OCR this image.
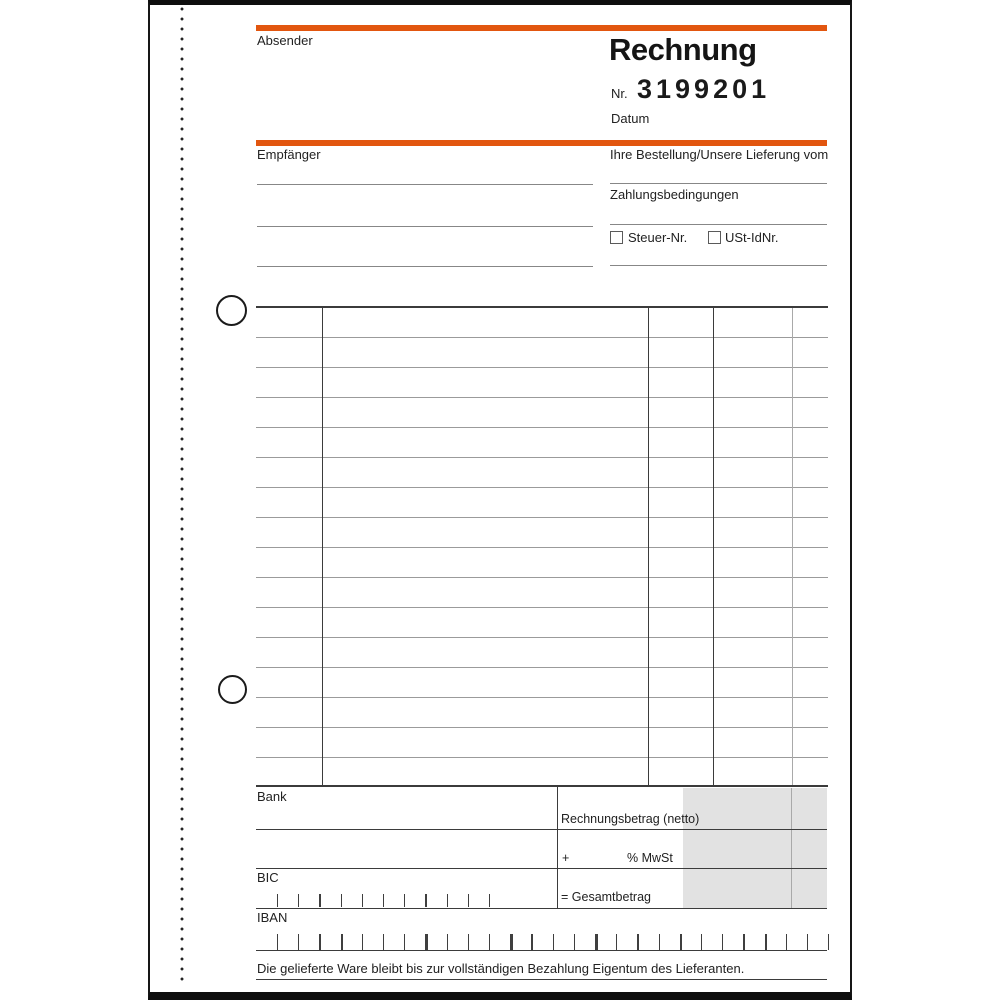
Absender	Rechnung
Nr. 3199201
Datum
Empfänger	Ihre Bestellung/Unsere Lieferung vom
Zahlungsbedingungen
Steuer-Nr.	USt-IdNr.
Rechnungsbetrag (netto)
+	% MwSt
= Gesamtbetrag
Bank
BIC
IBAN
Die gelieferte Ware bleibt bis zur vollständigen Bezahlung Eigentum des Lieferanten.
